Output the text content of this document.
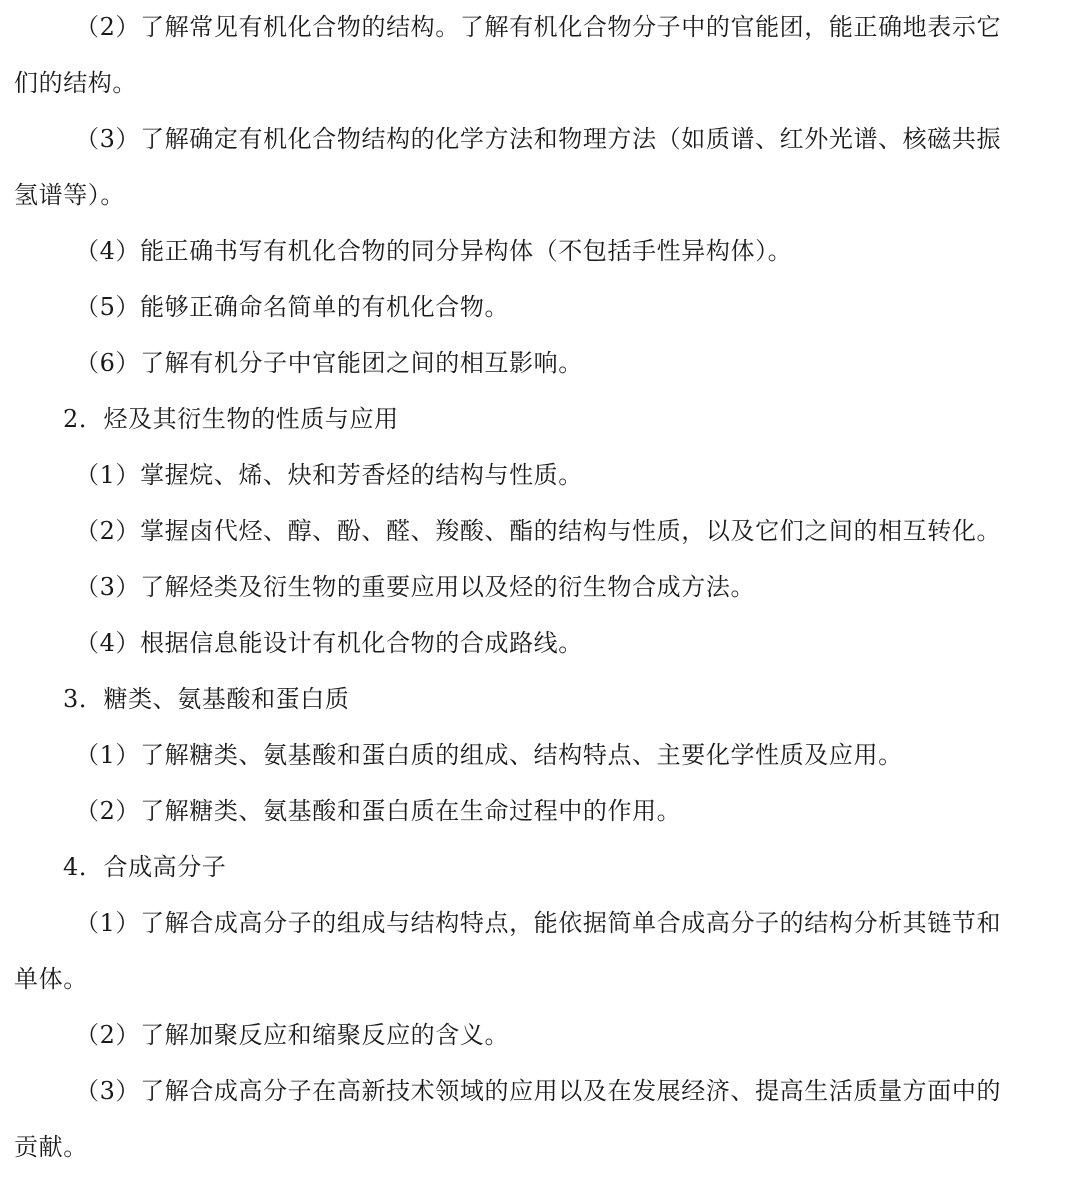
（2）了解常见有机化合物的结构。了解有机化合物分子中的官能团，能正确地表示它
们的结构。
（3）了解确定有机化合物结构的化学方法和物理方法（如质谱、红外光谱、核磁共振
氢谱等）。
（4）能正确书写有机化合物的同分异构体（不包括手性异构体）。
（5）能够正确命名简单的有机化合物。
（6）了解有机分子中官能团之间的相互影响。
2．烃及其衍生物的性质与应用
（1）掌握烷、烯、炔和芳香烃的结构与性质。
（2）掌握卤代烃、醇、酚、醛、羧酸、酯的结构与性质，以及它们之间的相互转化。
（3）了解烃类及衍生物的重要应用以及烃的衍生物合成方法。
（4）根据信息能设计有机化合物的合成路线。
3．糖类、氨基酸和蛋白质
（1）了解糖类、氨基酸和蛋白质的组成、结构特点、主要化学性质及应用。
（2）了解糖类、氨基酸和蛋白质在生命过程中的作用。
4．合成高分子
（1）了解合成高分子的组成与结构特点，能依据简单合成高分子的结构分析其链节和
单体。
（2）了解加聚反应和缩聚反应的含义。
（3）了解合成高分子在高新技术领域的应用以及在发展经济、提高生活质量方面中的
贡献。
